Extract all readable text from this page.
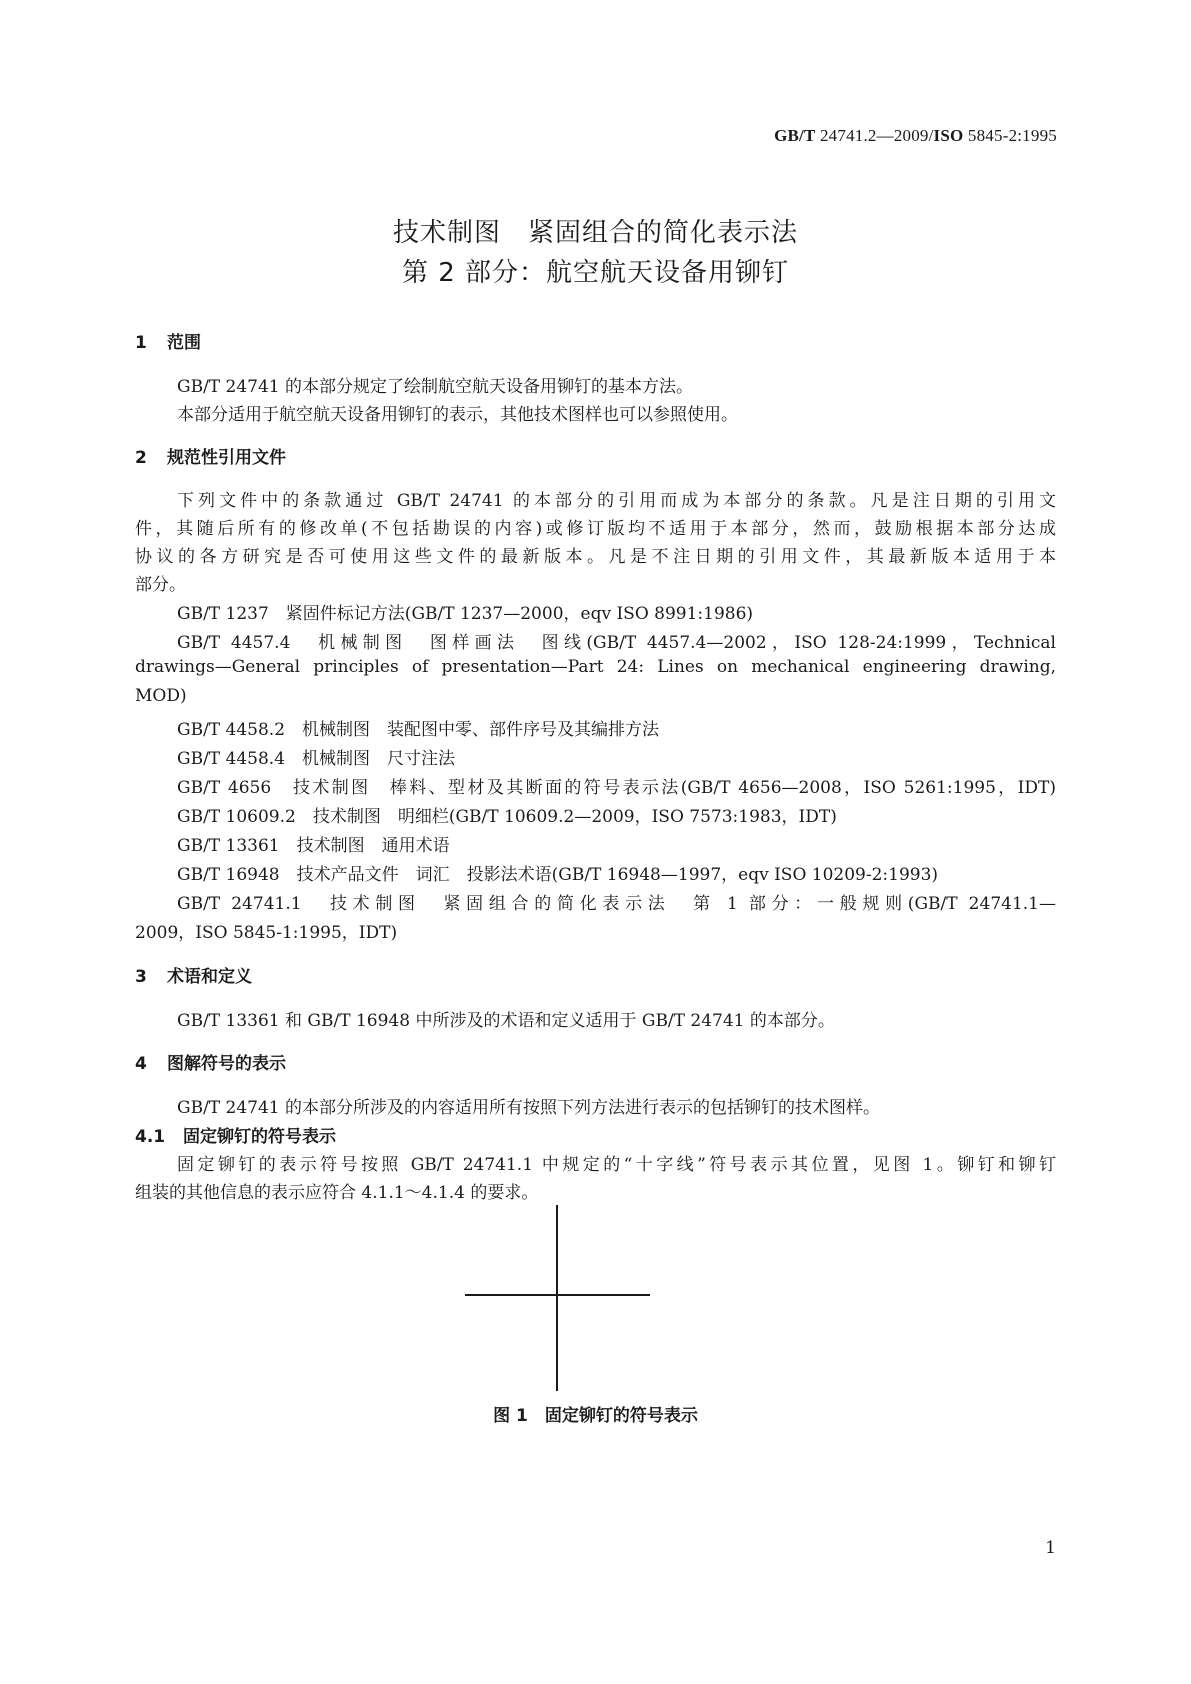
GB/T 24741.2—2009/ISO 5845-2:1995
技术制图　紧固组合的简化表示法
第 2 部分：航空航天设备用铆钉
1 范围
GB/T 24741 的本部分规定了绘制航空航天设备用铆钉的基本方法。
本部分适用于航空航天设备用铆钉的表示，其他技术图样也可以参照使用。
2 规范性引用文件
下列文件中的条款通过 GB/T 24741 的本部分的引用而成为本部分的条款。凡是注日期的引用文
件，其随后所有的修改单(不包括勘误的内容)或修订版均不适用于本部分，然而，鼓励根据本部分达成
协议的各方研究是否可使用这些文件的最新版本。凡是不注日期的引用文件，其最新版本适用于本
部分。
GB/T 1237　紧固件标记方法(GB/T 1237—2000，eqv ISO 8991:1986)
GB/T 4457.4　机械制图　图样画法　图线(GB/T 4457.4—2002，ISO 128-24:1999，Technical
drawings—General principles of presentation—Part 24: Lines on mechanical engineering drawing,
MOD)
GB/T 4458.2　机械制图　装配图中零、部件序号及其编排方法
GB/T 4458.4　机械制图　尺寸注法
GB/T 4656　技术制图　棒料、型材及其断面的符号表示法(GB/T 4656—2008，ISO 5261:1995，IDT)
GB/T 10609.2　技术制图　明细栏(GB/T 10609.2—2009，ISO 7573:1983，IDT)
GB/T 13361　技术制图　通用术语
GB/T 16948　技术产品文件　词汇　投影法术语(GB/T 16948—1997，eqv ISO 10209-2:1993)
GB/T 24741.1　技术制图　紧固组合的简化表示法　第 1 部分：一般规则(GB/T 24741.1—
2009，ISO 5845-1:1995，IDT)
3 术语和定义
GB/T 13361 和 GB/T 16948 中所涉及的术语和定义适用于 GB/T 24741 的本部分。
4 图解符号的表示
GB/T 24741 的本部分所涉及的内容适用所有按照下列方法进行表示的包括铆钉的技术图样。
4.1 固定铆钉的符号表示
固定铆钉的表示符号按照 GB/T 24741.1 中规定的“十字线”符号表示其位置，见图 1。铆钉和铆钉
组装的其他信息的表示应符合 4.1.1～4.1.4 的要求。
图 1　固定铆钉的符号表示
1
